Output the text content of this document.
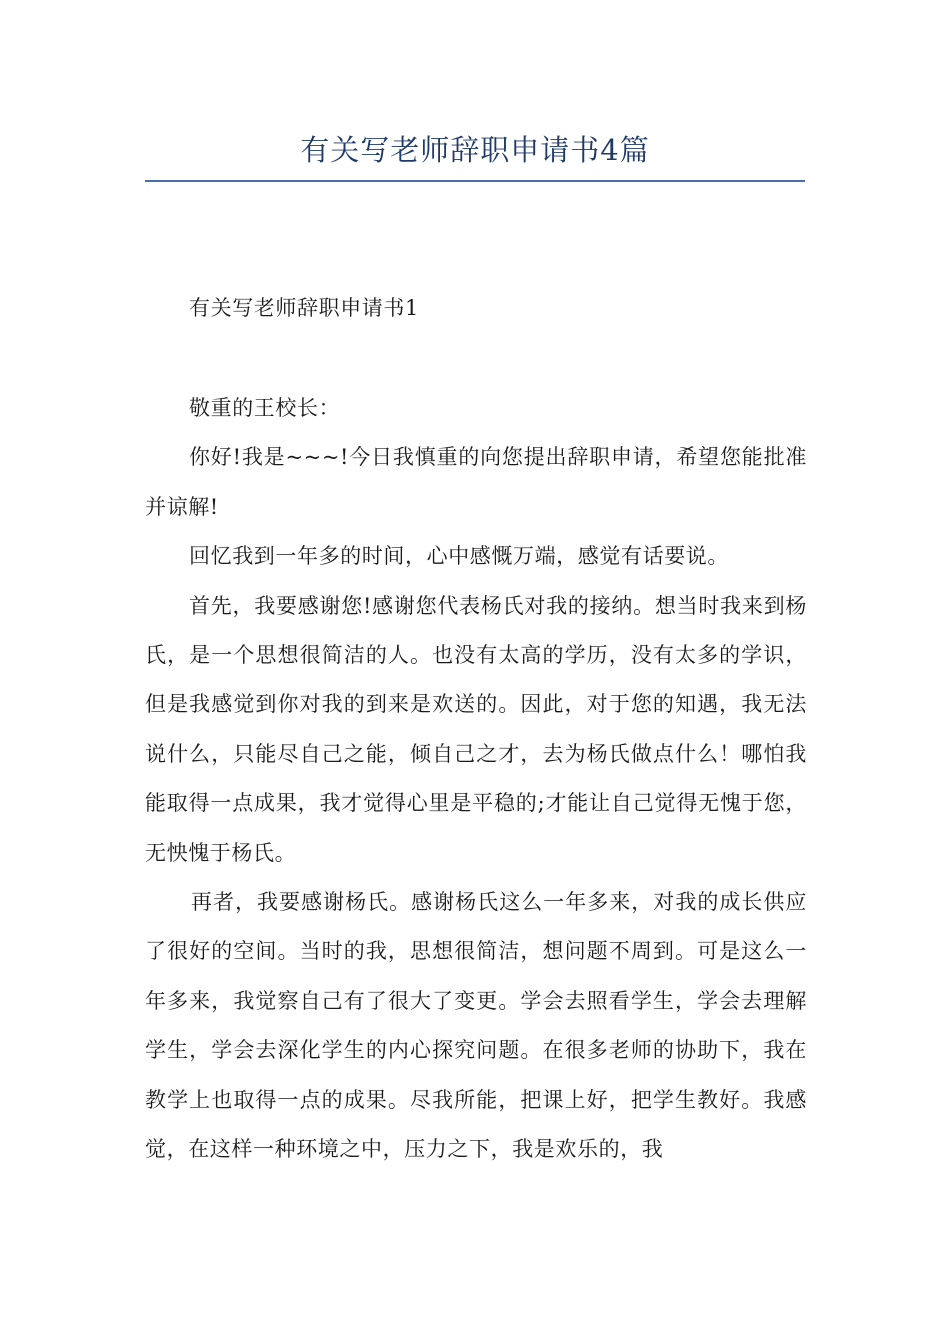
有关写老师辞职申请书4篇
有关写老师辞职申请书1

敬重的王校长：

你好!我是~~~!今日我慎重的向您提出辞职申请，希望您能批准并谅解!

回忆我到一年多的时间，心中感慨万端，感觉有话要说。

首先，我要感谢您!感谢您代表杨氏对我的接纳。想当时我来到杨氏，是一个思想很简洁的人。也没有太高的学历，没有太多的学识，但是我感觉到你对我的到来是欢送的。因此，对于您的知遇，我无法说什么，只能尽自己之能，倾自己之才，去为杨氏做点什么！哪怕我能取得一点成果，我才觉得心里是平稳的;才能让自己觉得无愧于您，无怏愧于杨氏。

再者，我要感谢杨氏。感谢杨氏这么一年多来，对我的成长供应了很好的空间。当时的我，思想很简洁，想问题不周到。可是这么一年多来，我觉察自己有了很大了变更。学会去照看学生，学会去理解学生，学会去深化学生的内心探究问题。在很多老师的协助下，我在教学上也取得一点的成果。尽我所能，把课上好，把学生教好。我感觉，在这样一种环境之中，压力之下，我是欢乐的，我
